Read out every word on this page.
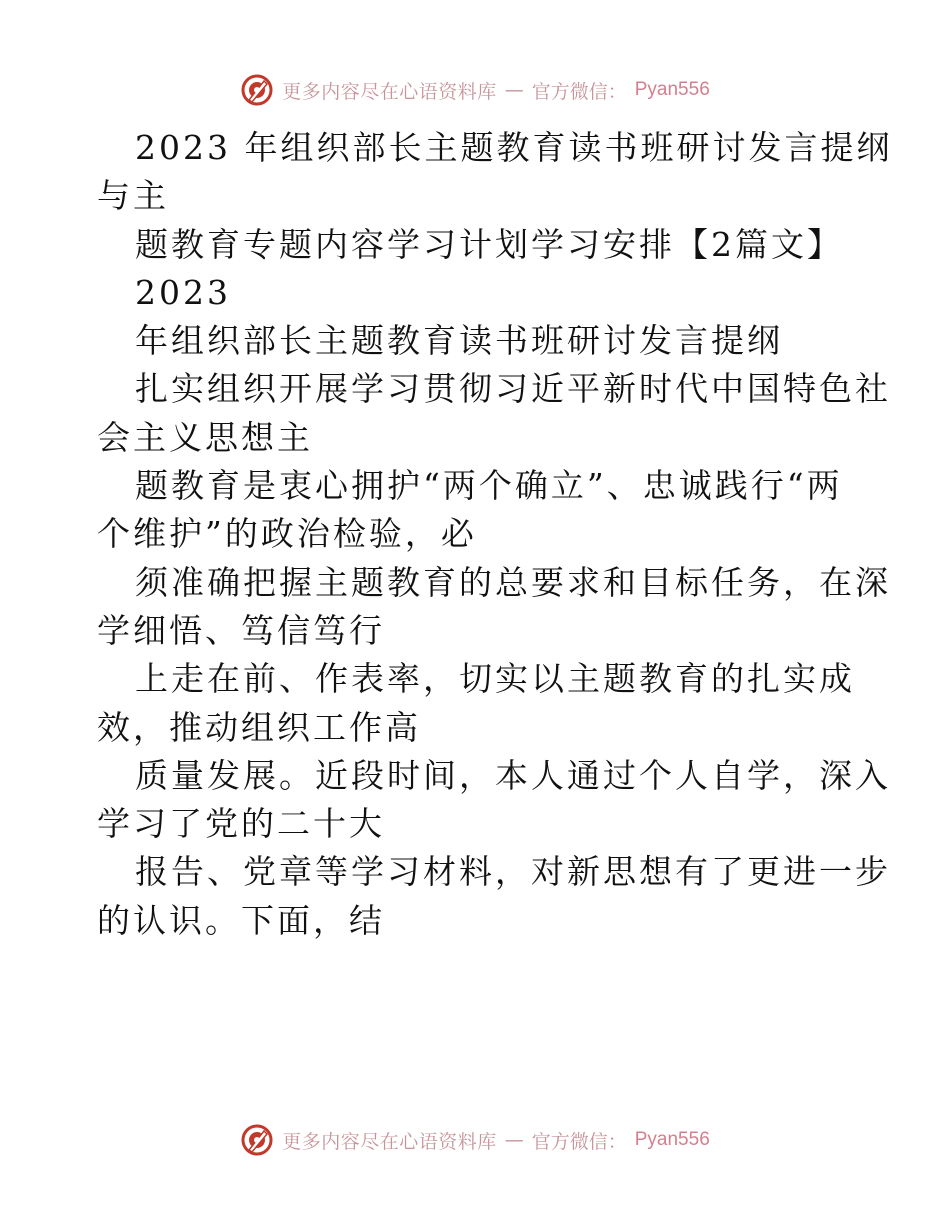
更多内容尽在心语资料库 — 官方微信： Pyan556
2023 年组织部长主题教育读书班研讨发言提纲
与主
题教育专题内容学习计划学习安排【2篇文】
2023
年组织部长主题教育读书班研讨发言提纲
扎实组织开展学习贯彻习近平新时代中国特色社
会主义思想主
题教育是衷心拥护“两个确立”、忠诚践行“两
个维护”的政治检验，必
须准确把握主题教育的总要求和目标任务，在深
学细悟、笃信笃行
上走在前、作表率，切实以主题教育的扎实成
效，推动组织工作高
质量发展。近段时间，本人通过个人自学，深入
学习了党的二十大
报告、党章等学习材料，对新思想有了更进一步
的认识。下面，结
更多内容尽在心语资料库 — 官方微信： Pyan556
